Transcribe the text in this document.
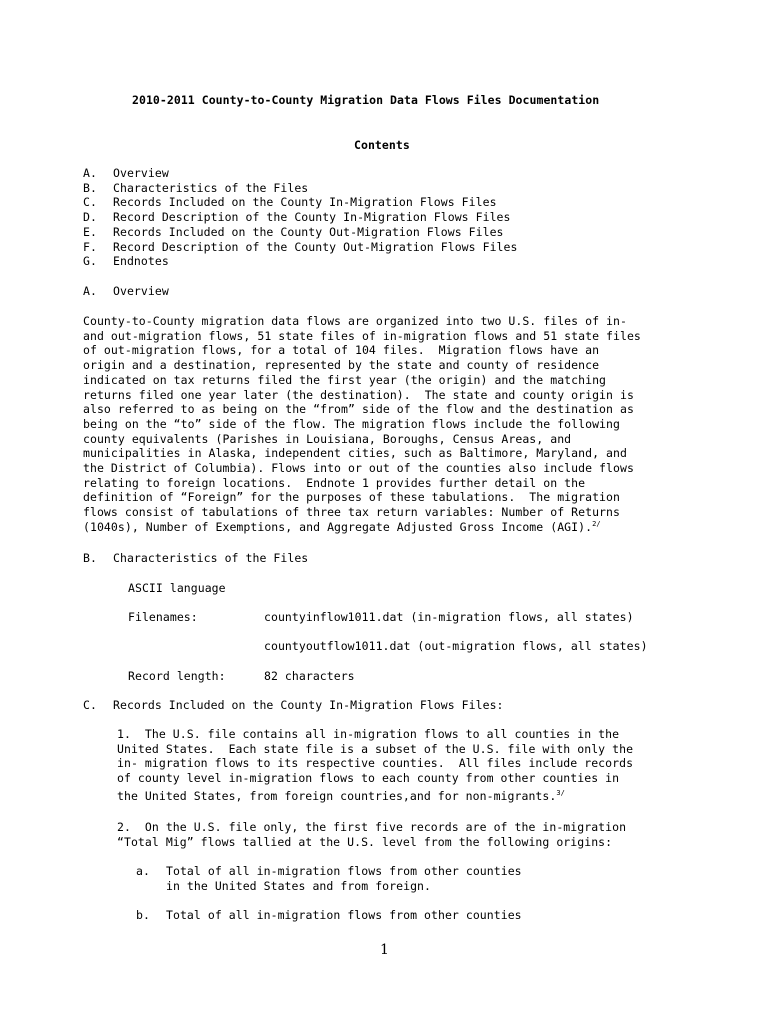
2010-2011 County-to-County Migration Data Flows Files Documentation
Contents
A.
B.
C.
D.
E.
F.
G.
Overview
Characteristics of the Files
Records Included on the County In-Migration Flows Files
Record Description of the County In-Migration Flows Files
Records Included on the County Out-Migration Flows Files
Record Description of the County Out-Migration Flows Files
Endnotes
A. Overview
County-to-County migration data flows are organized into two U.S. files of in-
and out-migration flows, 51 state files of in-migration flows and 51 state files
of out-migration flows, for a total of 104 files.  Migration flows have an
origin and a destination, represented by the state and county of residence
indicated on tax returns filed the first year (the origin) and the matching
returns filed one year later (the destination).  The state and county origin is
also referred to as being on the “from” side of the flow and the destination as
being on the “to” side of the flow. The migration flows include the following
county equivalents (Parishes in Louisiana, Boroughs, Census Areas, and
municipalities in Alaska, independent cities, such as Baltimore, Maryland, and
the District of Columbia). Flows into or out of the counties also include flows
relating to foreign locations.  Endnote 1 provides further detail on the
definition of “Foreign” for the purposes of these tabulations.  The migration
flows consist of tabulations of three tax return variables: Number of Returns
(1040s), Number of Exemptions, and Aggregate Adjusted Gross Income (AGI).$^{2/}$
B. Characteristics of the Files
ASCII language
Filenames:	countyinflow1011.dat (in-migration flows, all states)
countyoutflow1011.dat (out-migration flows, all states)
Record length:	82 characters
C. Records Included on the County In-Migration Flows Files:
1.  The U.S. file contains all in-migration flows to all counties in the
United States.  Each state file is a subset of the U.S. file with only the
in- migration flows to its respective counties.  All files include records
of county level in-migration flows to each county from other counties in
the United States, from foreign countries,and for non-migrants.$^{3/}$
2.  On the U.S. file only, the first five records are of the in-migration
“Total Mig” flows tallied at the U.S. level from the following origins:
a. Total of all in-migration flows from other counties
in the United States and from foreign.
b. Total of all in-migration flows from other counties
1
